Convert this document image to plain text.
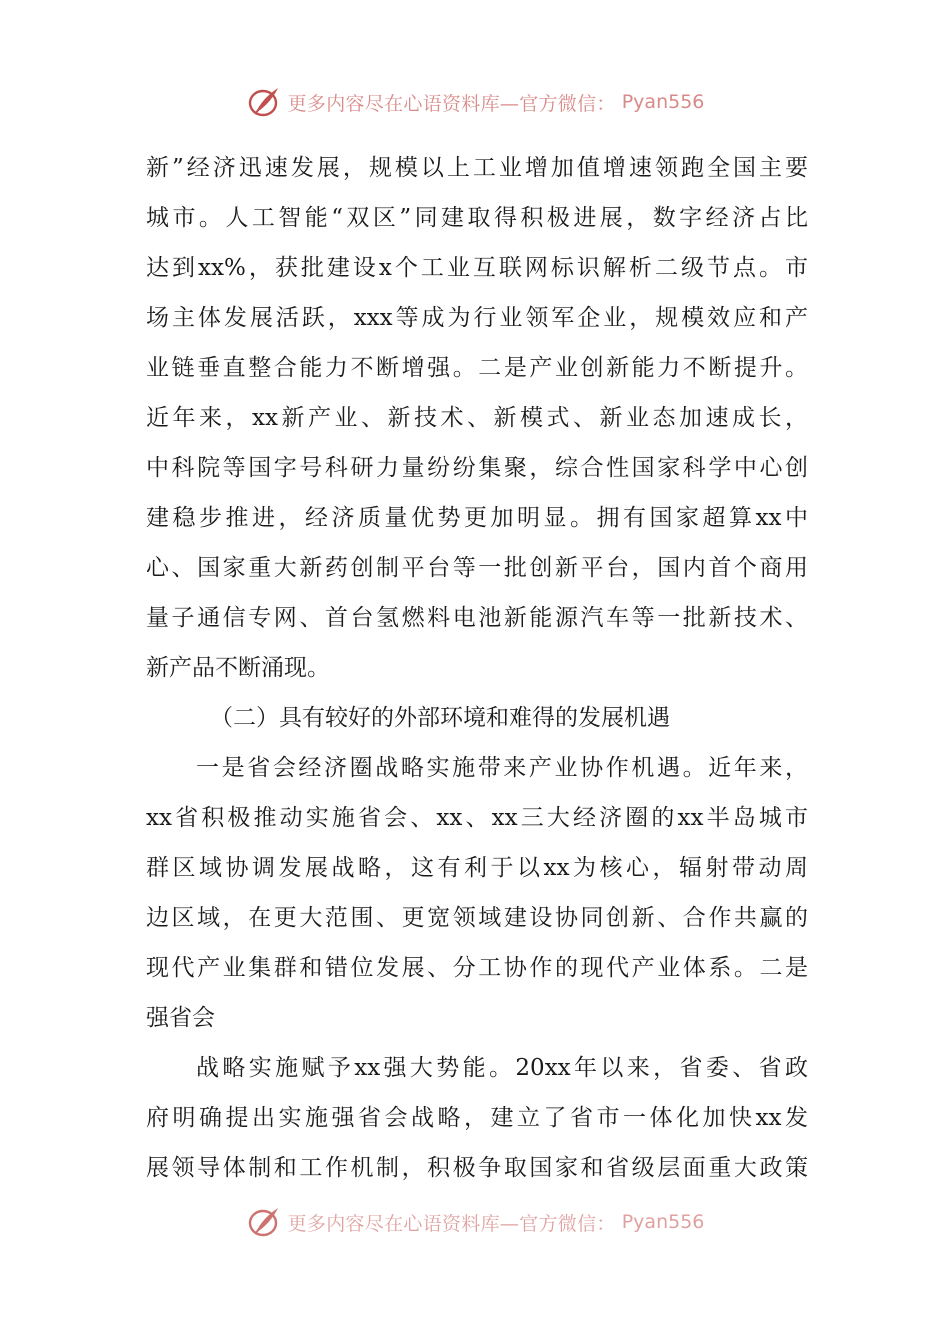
更多内容尽在心语资料库—官方微信： Pyan556
新”经济迅速发展，规模以上工业增加值增速领跑全国主要
城市。人工智能“双区”同建取得积极进展，数字经济占比
达到xx%，获批建设x个工业互联网标识解析二级节点。市
场主体发展活跃，xxx等成为行业领军企业，规模效应和产
业链垂直整合能力不断增强。二是产业创新能力不断提升。
近年来，xx新产业、新技术、新模式、新业态加速成长，
中科院等国字号科研力量纷纷集聚，综合性国家科学中心创
建稳步推进，经济质量优势更加明显。拥有国家超算xx中
心、国家重大新药创制平台等一批创新平台，国内首个商用
量子通信专网、首台氢燃料电池新能源汽车等一批新技术、
新产品不断涌现。
（二）具有较好的外部环境和难得的发展机遇
一是省会经济圈战略实施带来产业协作机遇。近年来，
xx省积极推动实施省会、xx、xx三大经济圈的xx半岛城市
群区域协调发展战略，这有利于以xx为核心，辐射带动周
边区域，在更大范围、更宽领域建设协同创新、合作共赢的
现代产业集群和错位发展、分工协作的现代产业体系。二是
强省会
战略实施赋予xx强大势能。20xx年以来，省委、省政
府明确提出实施强省会战略，建立了省市一体化加快xx发
展领导体制和工作机制，积极争取国家和省级层面重大政策
更多内容尽在心语资料库—官方微信： Pyan556
